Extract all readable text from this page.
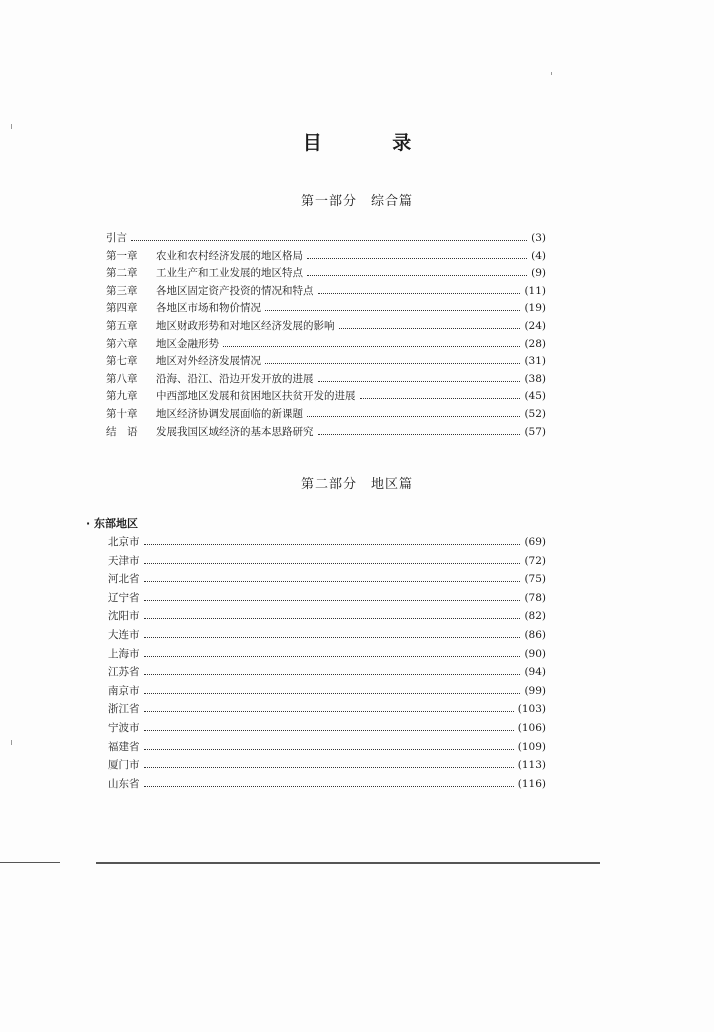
目 录
第一部分　综合篇
引言	(3)
第一章	农业和农村经济发展的地区格局	(4)
第二章	工业生产和工业发展的地区特点	(9)
第三章	各地区固定资产投资的情况和特点	(11)
第四章	各地区市场和物价情况	(19)
第五章	地区财政形势和对地区经济发展的影响	(24)
第六章	地区金融形势	(28)
第七章	地区对外经济发展情况	(31)
第八章	沿海、沿江、沿边开发开放的进展	(38)
第九章	中西部地区发展和贫困地区扶贫开发的进展	(45)
第十章	地区经济协调发展面临的新课题	(52)
结　语	发展我国区域经济的基本思路研究	(57)
第二部分　地区篇
· 东部地区
北京市	(69)
天津市	(72)
河北省	(75)
辽宁省	(78)
沈阳市	(82)
大连市	(86)
上海市	(90)
江苏省	(94)
南京市	(99)
浙江省	(103)
宁波市	(106)
福建省	(109)
厦门市	(113)
山东省	(116)
